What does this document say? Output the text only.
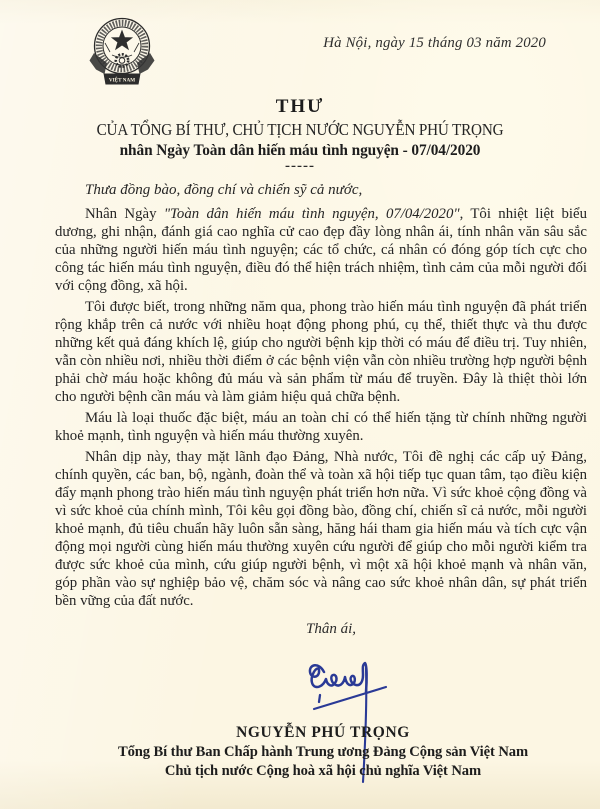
VIỆT NAM
Hà Nội, ngày 15 tháng 03 năm 2020
THƯ
CỦA TỔNG BÍ THƯ, CHỦ TỊCH NƯỚC NGUYỄN PHÚ TRỌNG
nhân Ngày Toàn dân hiến máu tình nguyện - 07/04/2020
-----
Thưa đồng bào, đồng chí và chiến sỹ cả nước,
Nhân Ngày "Toàn dân hiến máu tình nguyện, 07/04/2020", Tôi nhiệt liệt biểu dương, ghi nhận, đánh giá cao nghĩa cử cao đẹp đầy lòng nhân ái, tính nhân văn sâu sắc của những người hiến máu tình nguyện; các tổ chức, cá nhân có đóng góp tích cực cho công tác hiến máu tình nguyện, điều đó thể hiện trách nhiệm, tình cảm của mỗi người đối với cộng đồng, xã hội.
Tôi được biết, trong những năm qua, phong trào hiến máu tình nguyện đã phát triển rộng khắp trên cả nước với nhiều hoạt động phong phú, cụ thể, thiết thực và thu được những kết quả đáng khích lệ, giúp cho người bệnh kịp thời có máu để điều trị. Tuy nhiên, vẫn còn nhiều nơi, nhiều thời điểm ở các bệnh viện vẫn còn nhiều trường hợp người bệnh phải chờ máu hoặc không đủ máu và sản phẩm từ máu để truyền. Đây là thiệt thòi lớn cho người bệnh cần máu và làm giảm hiệu quả chữa bệnh.
Máu là loại thuốc đặc biệt, máu an toàn chỉ có thể hiến tặng từ chính những người khoẻ mạnh, tình nguyện và hiến máu thường xuyên.
Nhân dịp này, thay mặt lãnh đạo Đảng, Nhà nước, Tôi đề nghị các cấp uỷ Đảng, chính quyền, các ban, bộ, ngành, đoàn thể và toàn xã hội tiếp tục quan tâm, tạo điều kiện đẩy mạnh phong trào hiến máu tình nguyện phát triển hơn nữa. Vì sức khoẻ cộng đồng và vì sức khoẻ của chính mình, Tôi kêu gọi đồng bào, đồng chí, chiến sĩ cả nước, mỗi người khoẻ mạnh, đủ tiêu chuẩn hãy luôn sẵn sàng, hăng hái tham gia hiến máu và tích cực vận động mọi người cùng hiến máu thường xuyên cứu người để giúp cho mỗi người kiểm tra được sức khoẻ của mình, cứu giúp người bệnh, vì một xã hội khoẻ mạnh và nhân văn, góp phần vào sự nghiệp bảo vệ, chăm sóc và nâng cao sức khoẻ nhân dân, sự phát triển bền vững của đất nước.
Thân ái,
NGUYỄN PHÚ TRỌNG
Tổng Bí thư Ban Chấp hành Trung ương Đảng Cộng sản Việt Nam
Chủ tịch nước Cộng hoà xã hội chủ nghĩa Việt Nam
